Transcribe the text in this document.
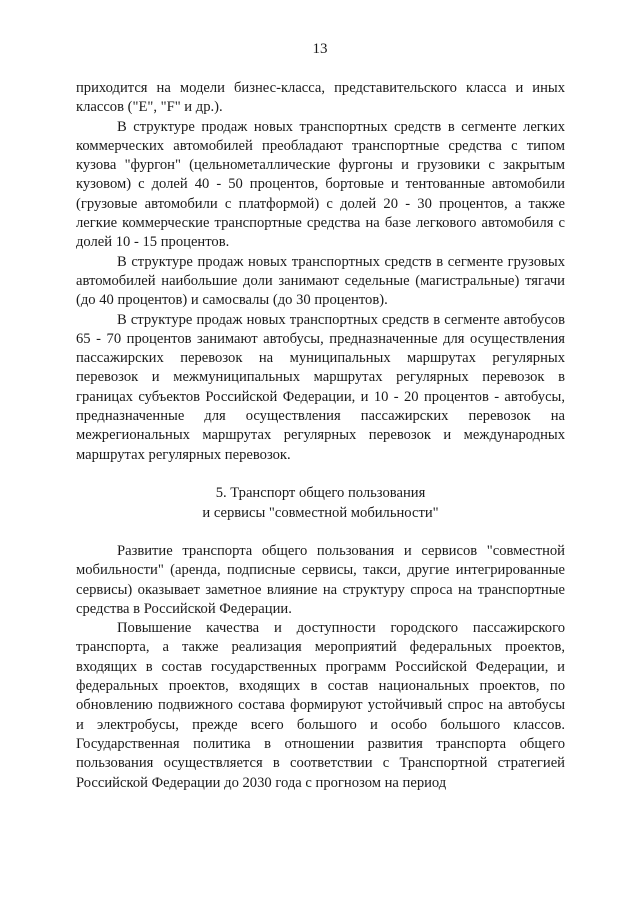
13

приходится на модели бизнес-класса, представительского класса и иных классов ("E", "F" и др.).

В структуре продаж новых транспортных средств в сегменте легких коммерческих автомобилей преобладают транспортные средства с типом кузова "фургон" (цельнометаллические фургоны и грузовики с закрытым кузовом) с долей 40 - 50 процентов, бортовые и тентованные автомобили (грузовые автомобили с платформой) с долей 20 - 30 процентов, а также легкие коммерческие транспортные средства на базе легкового автомобиля с долей 10 - 15 процентов.

В структуре продаж новых транспортных средств в сегменте грузовых автомобилей наибольшие доли занимают седельные (магистральные) тягачи (до 40 процентов) и самосвалы (до 30 процентов).

В структуре продаж новых транспортных средств в сегменте автобусов 65 - 70 процентов занимают автобусы, предназначенные для осуществления пассажирских перевозок на муниципальных маршрутах регулярных перевозок и межмуниципальных маршрутах регулярных перевозок в границах субъектов Российской Федерации, и 10 - 20 процентов - автобусы, предназначенные для осуществления пассажирских перевозок на межрегиональных маршрутах регулярных перевозок и международных маршрутах регулярных перевозок.

5. Транспорт общего пользования
и сервисы "совместной мобильности"

Развитие транспорта общего пользования и сервисов "совместной мобильности" (аренда, подписные сервисы, такси, другие интегрированные сервисы) оказывает заметное влияние на структуру спроса на транспортные средства в Российской Федерации.

Повышение качества и доступности городского пассажирского транспорта, а также реализация мероприятий федеральных проектов, входящих в состав государственных программ Российской Федерации, и федеральных проектов, входящих в состав национальных проектов, по обновлению подвижного состава формируют устойчивый спрос на автобусы и электробусы, прежде всего большого и особо большого классов. Государственная политика в отношении развития транспорта общего пользования осуществляется в соответствии с Транспортной стратегией Российской Федерации до 2030 года с прогнозом на период
